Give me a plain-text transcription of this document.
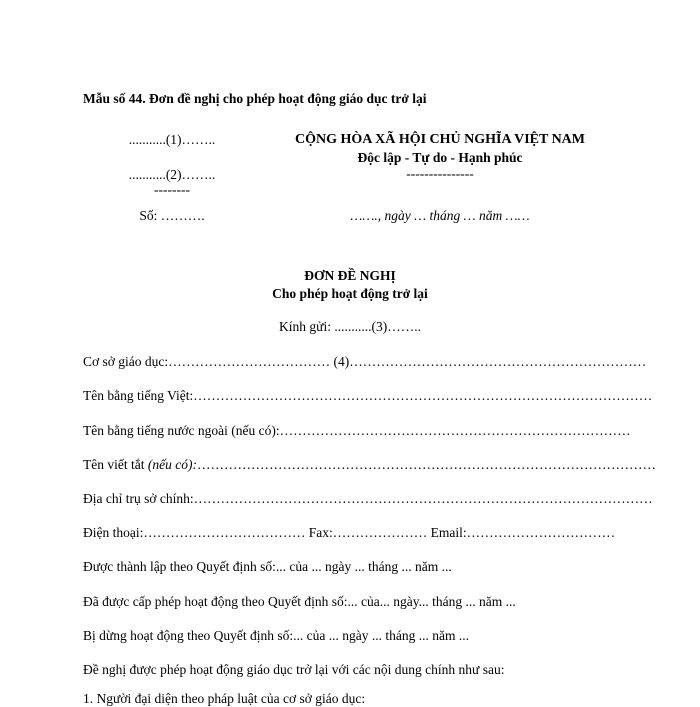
Mẫu số 44. Đơn đề nghị cho phép hoạt động giáo dục trở lại
...........(1)……..
...........(2)……..
--------
Số: ……….
CỘNG HÒA XÃ HỘI CHỦ NGHĨA VIỆT NAM
Độc lập - Tự do - Hạnh phúc
---------------
……., ngày … tháng … năm ……
ĐƠN ĐỀ NGHỊ
Cho phép hoạt động trở lại
Kính gửi: ...........(3)……..
Cơ sở giáo dục:……………………………… (4)…………………………………………………………
Tên bằng tiếng Việt:…………………………………………………………………………………………
Tên bằng tiếng nước ngoài (nếu có):……………………………………………………………………
Tên viết tắt (nếu có):…………………………………………………………………………………………
Địa chỉ trụ sở chính:…………………………………………………………………………………………
Điện thoại:……………………………… Fax:………………… Email:……………………………
Được thành lập theo Quyết định số:... của ... ngày ... tháng ... năm ...
Đã được cấp phép hoạt động theo Quyết định số:... của... ngày... tháng ... năm ...
Bị dừng hoạt động theo Quyết định số:... của ... ngày ... tháng ... năm ...
Đề nghị được phép hoạt động giáo dục trở lại với các nội dung chính như sau:
1. Người đại diện theo pháp luật của cơ sở giáo dục:
